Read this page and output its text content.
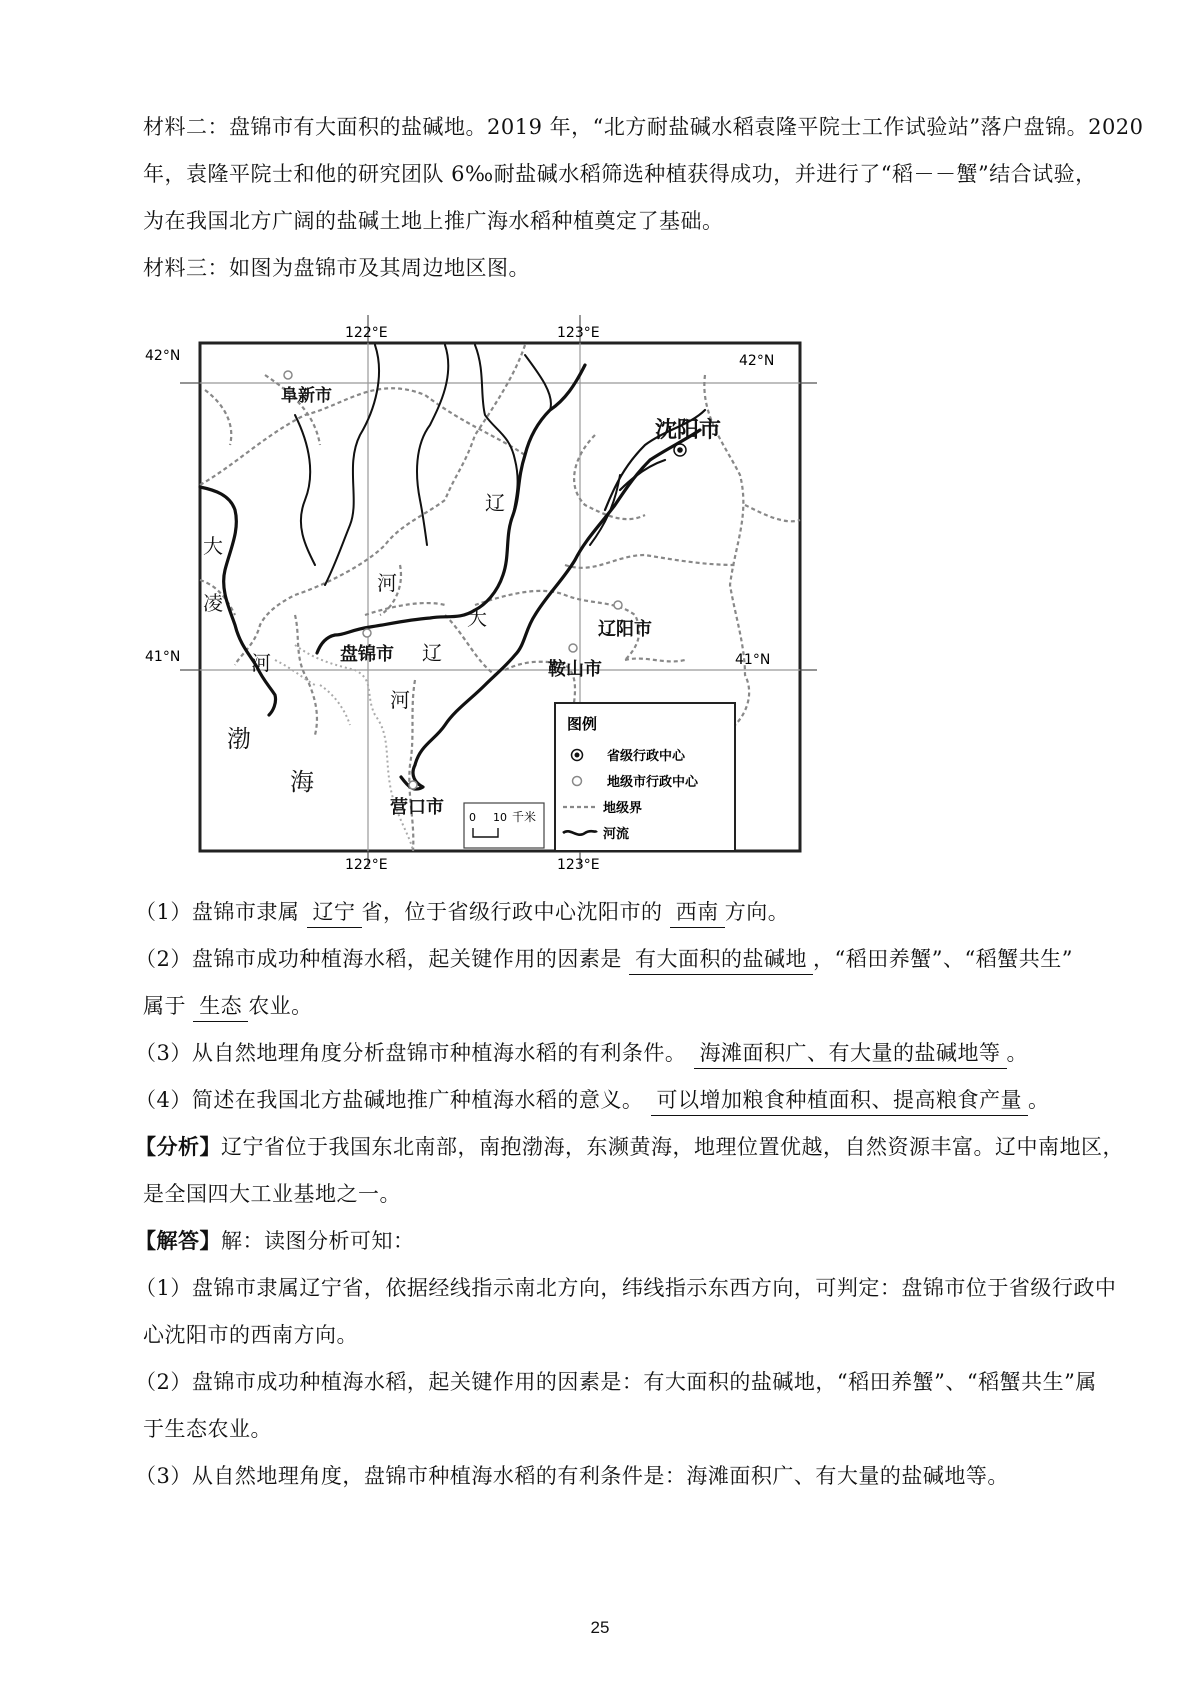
材料二：盘锦市有大面积的盐碱地。2019 年，“北方耐盐碱水稻袁隆平院士工作试验站”落户盘锦。2020
年，袁隆平院士和他的研究团队 6‰耐盐碱水稻筛选种植获得成功，并进行了“稻－－蟹”结合试验，
为在我国北方广阔的盐碱土地上推广海水稻种植奠定了基础。
材料三：如图为盘锦市及其周边地区图。
122°E	123°E
122°E	123°E
42°N	42°N
41°N	41°N
阜新市
沈阳市
辽阳市
盘锦市
鞍山市
营口市
辽
河
大
辽
河
大
凌
河
渤
海
0 10 千米
图例
省级行政中心
地级市行政中心
地级界
河流
（1）盘锦市隶属 辽宁 省，位于省级行政中心沈阳市的 西南 方向。
（2）盘锦市成功种植海水稻，起关键作用的因素是 有大面积的盐碱地 ，“稻田养蟹”、“稻蟹共生”
属于 生态 农业。
（3）从自然地理角度分析盘锦市种植海水稻的有利条件。 海滩面积广、有大量的盐碱地等 。
（4）简述在我国北方盐碱地推广种植海水稻的意义。 可以增加粮食种植面积、提高粮食产量 。
【分析】辽宁省位于我国东北南部，南抱渤海，东濒黄海，地理位置优越，自然资源丰富。辽中南地区，
是全国四大工业基地之一。
【解答】解：读图分析可知：
（1）盘锦市隶属辽宁省，依据经线指示南北方向，纬线指示东西方向，可判定：盘锦市位于省级行政中
心沈阳市的西南方向。
（2）盘锦市成功种植海水稻，起关键作用的因素是：有大面积的盐碱地，“稻田养蟹”、“稻蟹共生”属
于生态农业。
（3）从自然地理角度，盘锦市种植海水稻的有利条件是：海滩面积广、有大量的盐碱地等。
25
